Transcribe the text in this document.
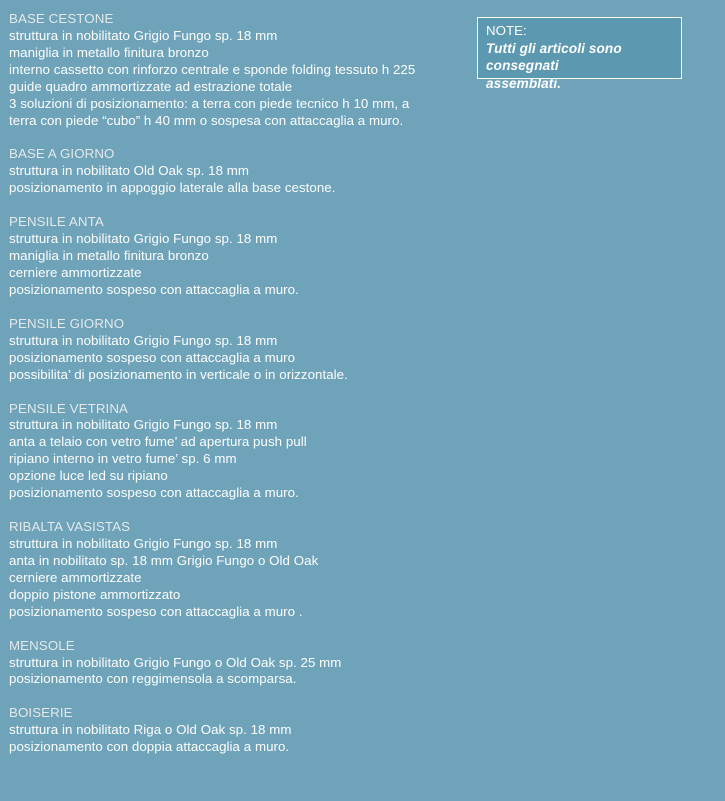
BASE CESTONE
struttura in nobilitato Grigio Fungo sp. 18 mm
maniglia in metallo finitura bronzo
interno cassetto con rinforzo centrale e sponde folding tessuto h 225
guide quadro ammortizzate ad estrazione totale
3 soluzioni di posizionamento: a terra con piede tecnico h 10 mm, a
terra con piede “cubo” h 40 mm o sospesa con attaccaglia a muro.
BASE A GIORNO
struttura in nobilitato Old Oak sp. 18 mm
posizionamento in appoggio laterale alla base cestone.
PENSILE ANTA
struttura in nobilitato Grigio Fungo sp. 18 mm
maniglia in metallo finitura bronzo
cerniere ammortizzate
posizionamento sospeso con attaccaglia a muro.
PENSILE GIORNO
struttura in nobilitato Grigio Fungo sp. 18 mm
posizionamento sospeso con attaccaglia a muro
possibilita’ di posizionamento in verticale o in orizzontale.
PENSILE VETRINA
struttura in nobilitato Grigio Fungo sp. 18 mm
anta a telaio con vetro fume’ ad apertura push pull
ripiano interno in vetro fume’ sp. 6 mm
opzione luce led su ripiano
posizionamento sospeso con attaccaglia a muro.
RIBALTA VASISTAS
struttura in nobilitato Grigio Fungo sp. 18 mm
anta in nobilitato sp. 18 mm Grigio Fungo o Old Oak
cerniere ammortizzate
doppio pistone ammortizzato
posizionamento sospeso con attaccaglia a muro .
MENSOLE
struttura in nobilitato Grigio Fungo o Old Oak sp. 25 mm
posizionamento con reggimensola a scomparsa.
BOISERIE
struttura in nobilitato Riga o Old Oak sp. 18 mm
posizionamento con doppia attaccaglia a muro.
NOTE:
Tutti gli articoli sono consegnati
assemblati.
